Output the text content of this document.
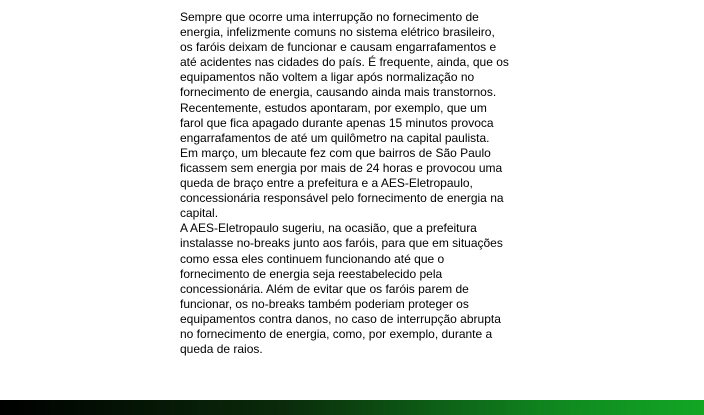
Sempre que ocorre uma interrupção no fornecimento de energia, infelizmente comuns no sistema elétrico brasileiro, os faróis deixam de funcionar e causam engarrafamentos e até acidentes nas cidades do país. É frequente, ainda, que os equipamentos não voltem a ligar após normalização no fornecimento de energia, causando ainda mais transtornos.

Recentemente, estudos apontaram, por exemplo, que um farol que fica apagado durante apenas 15 minutos provoca engarrafamentos de até um quilômetro na capital paulista. Em março, um blecaute fez com que bairros de São Paulo ficassem sem energia por mais de 24 horas e provocou uma queda de braço entre a prefeitura e a AES-Eletropaulo, concessionária responsável pelo fornecimento de energia na capital.

A AES-Eletropaulo sugeriu, na ocasião, que a prefeitura instalasse no-breaks junto aos faróis, para que em situações como essa eles continuem funcionando até que o fornecimento de energia seja reestabelecido pela concessionária. Além de evitar que os faróis parem de funcionar, os no-breaks também poderiam proteger os equipamentos contra danos, no caso de interrupção abrupta no fornecimento de energia, como, por exemplo, durante a queda de raios.
